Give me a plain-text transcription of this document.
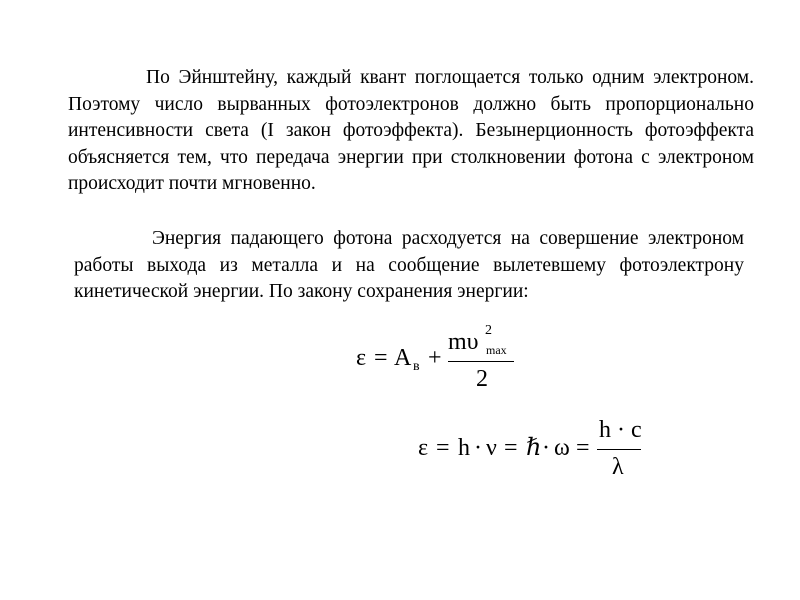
По Эйнштейну, каждый квант поглощается только одним электроном. Поэтому число вырванных фотоэлектронов должно быть пропорционально интенсивности света (I закон фотоэффекта). Безынерционность фотоэффекта объясняется тем, что передача энергии при столкновении фотона с электроном происходит почти мгновенно.

Энергия падающего фотона расходуется на совершение электроном работы выхода из металла и на сообщение вылетевшему фотоэлектрону кинетической энергии. По закону сохранения энергии:

ε = A в +
mυ 2
max
2
ε = h · ν = ℏ · ω =
h · c
λ
